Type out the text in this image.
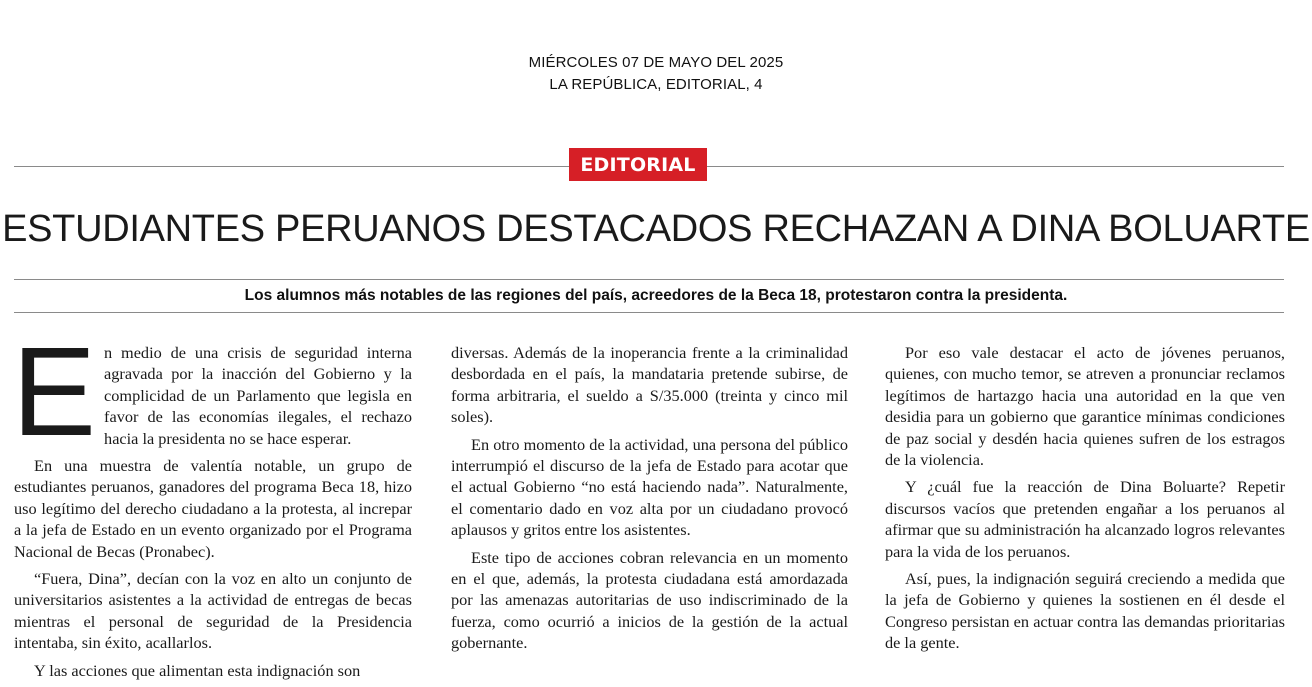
MIÉRCOLES 07 DE MAYO DEL 2025
LA REPÚBLICA, EDITORIAL, 4
EDITORIAL
ESTUDIANTES PERUANOS DESTACADOS RECHAZAN A DINA BOLUARTE
Los alumnos más notables de las regiones del país, acreedores de la Beca 18, protestaron contra la presidenta.

En medio de una crisis de seguridad interna agravada por la inacción del Gobierno y la complicidad de un Parlamento que legisla en favor de las economías ilegales, el rechazo hacia la presidenta no se hace esperar.

En una muestra de valentía notable, un grupo de estudiantes peruanos, ganadores del programa Beca 18, hizo uso legítimo del derecho ciudadano a la protesta, al increpar a la jefa de Estado en un evento organizado por el Programa Nacional de Becas (Pronabec).

“Fuera, Dina”, decían con la voz en alto un conjunto de universitarios asistentes a la actividad de entregas de becas mientras el personal de seguridad de la Presidencia intentaba, sin éxito, acallarlos.

Y las acciones que alimentan esta indignación son

diversas. Además de la inoperancia frente a la criminalidad desbordada en el país, la mandataria pretende subirse, de forma arbitraria, el sueldo a S/35.000 (treinta y cinco mil soles).

En otro momento de la actividad, una persona del público interrumpió el discurso de la jefa de Estado para acotar que el actual Gobierno “no está haciendo nada”. Naturalmente, el comentario dado en voz alta por un ciudadano provocó aplausos y gritos entre los asistentes.

Este tipo de acciones cobran relevancia en un momento en el que, además, la protesta ciudadana está amordazada por las amenazas autoritarias de uso indiscriminado de la fuerza, como ocurrió a inicios de la gestión de la actual gobernante.

Por eso vale destacar el acto de jóvenes peruanos, quienes, con mucho temor, se atreven a pronunciar reclamos legítimos de hartazgo hacia una autoridad en la que ven desidia para un gobierno que garantice mínimas condiciones de paz social y desdén hacia quienes sufren de los estragos de la violencia.

Y ¿cuál fue la reacción de Dina Boluarte? Repetir discursos vacíos que pretenden engañar a los peruanos al afirmar que su administración ha alcanzado logros relevantes para la vida de los peruanos.

Así, pues, la indignación seguirá creciendo a medida que la jefa de Gobierno y quienes la sostienen en él desde el Congreso persistan en actuar contra las demandas prioritarias de la gente.
